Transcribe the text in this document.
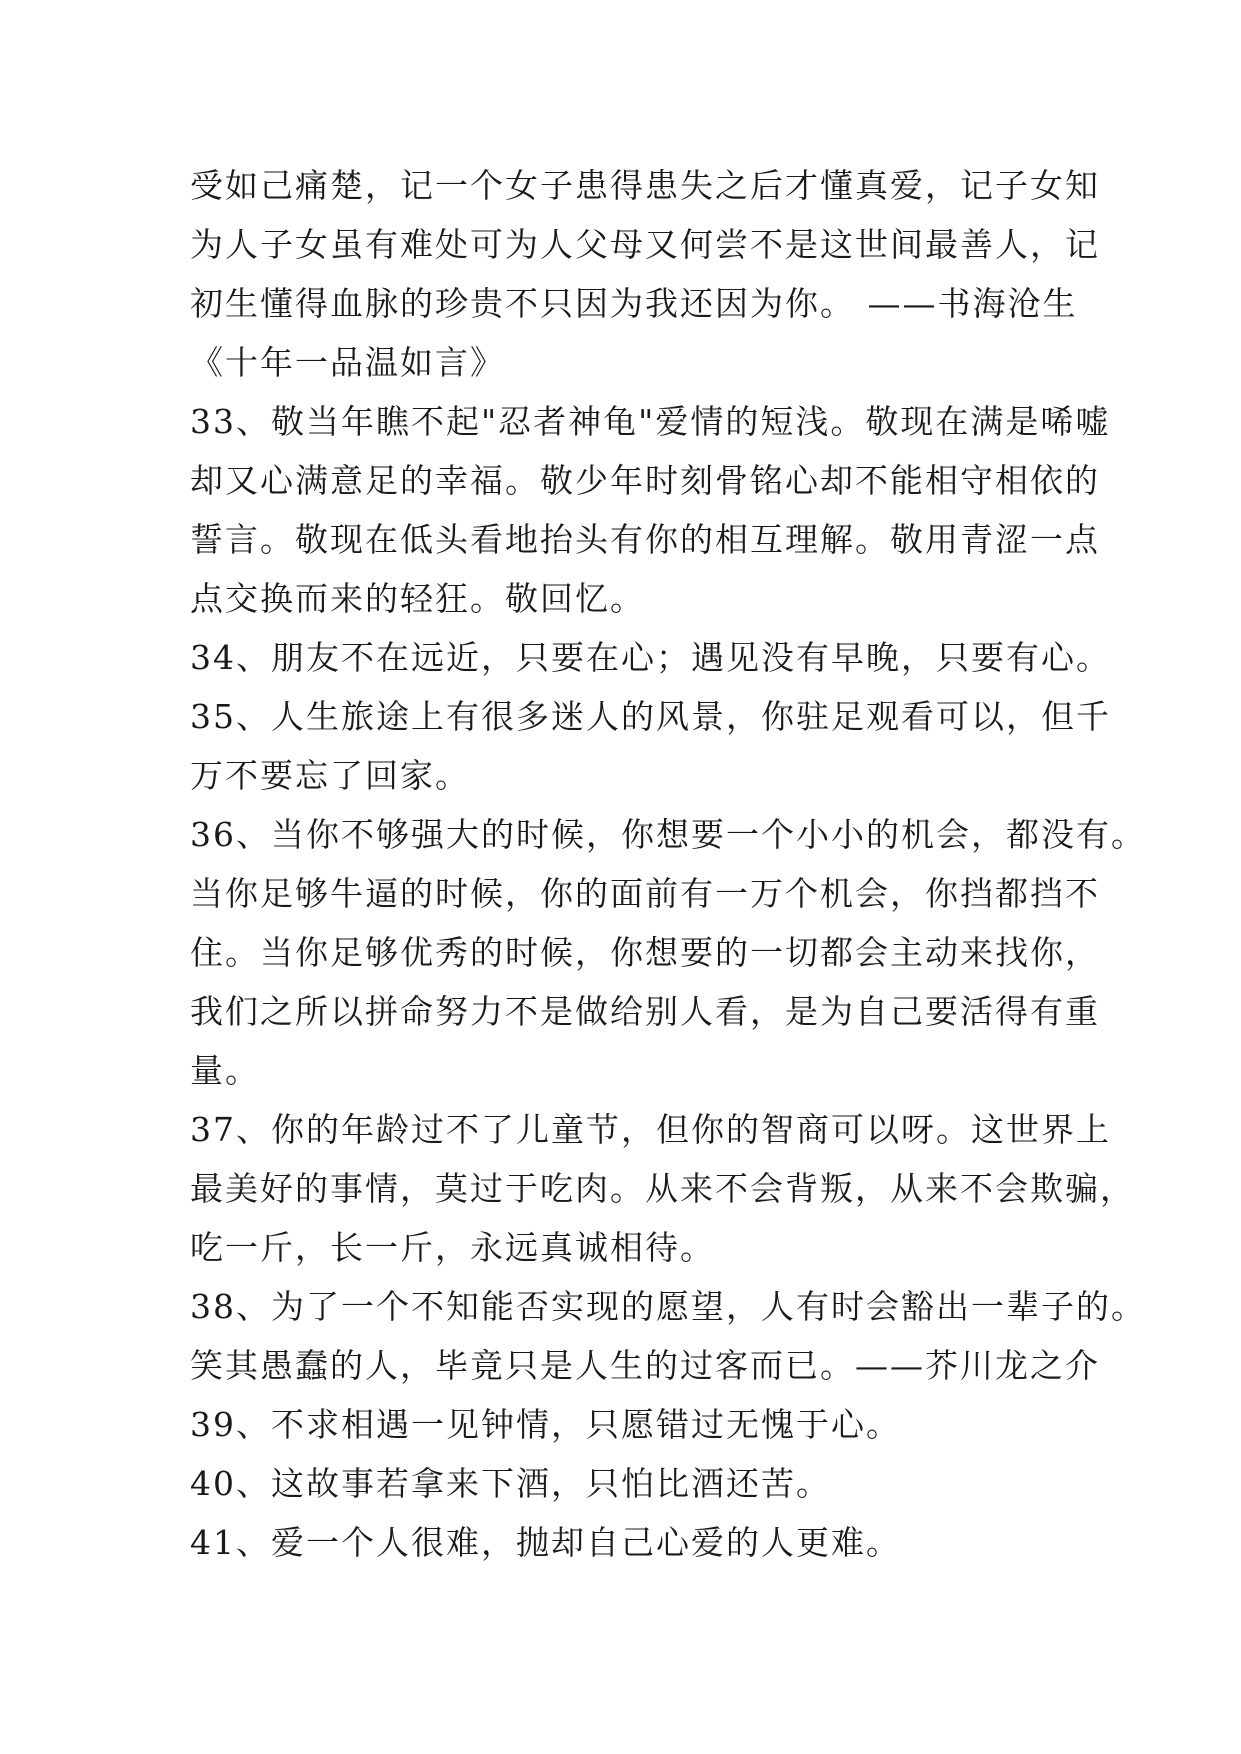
受如己痛楚，记一个女子患得患失之后才懂真爱，记子女知
为人子女虽有难处可为人父母又何尝不是这世间最善人，记
初生懂得血脉的珍贵不只因为我还因为你。 ——书海沧生
《十年一品温如言》
33、敬当年瞧不起"忍者神龟"爱情的短浅。敬现在满是唏嘘
却又心满意足的幸福。敬少年时刻骨铭心却不能相守相依的
誓言。敬现在低头看地抬头有你的相互理解。敬用青涩一点
点交换而来的轻狂。敬回忆。
34、朋友不在远近，只要在心；遇见没有早晚，只要有心。
35、人生旅途上有很多迷人的风景，你驻足观看可以，但千
万不要忘了回家。
36、当你不够强大的时候，你想要一个小小的机会，都没有。
当你足够牛逼的时候，你的面前有一万个机会，你挡都挡不
住。当你足够优秀的时候，你想要的一切都会主动来找你，
我们之所以拼命努力不是做给别人看，是为自己要活得有重
量。
37、你的年龄过不了儿童节，但你的智商可以呀。这世界上
最美好的事情，莫过于吃肉。从来不会背叛，从来不会欺骗，
吃一斤，长一斤，永远真诚相待。
38、为了一个不知能否实现的愿望，人有时会豁出一辈子的。
笑其愚蠢的人，毕竟只是人生的过客而已。——芥川龙之介
39、不求相遇一见钟情，只愿错过无愧于心。
40、这故事若拿来下酒，只怕比酒还苦。
41、爱一个人很难，抛却自己心爱的人更难。
